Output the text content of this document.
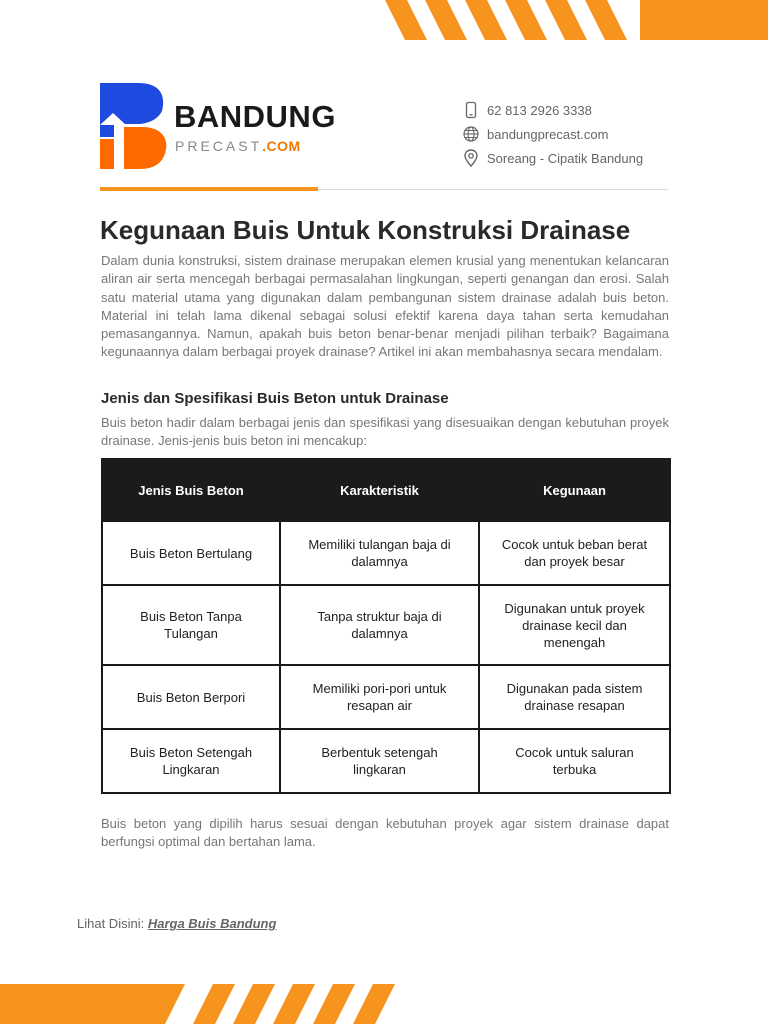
BANDUNG
PRECAST.COM
62 813 2926 3338
bandungprecast.com
Soreang - Cipatik Bandung
Kegunaan Buis Untuk Konstruksi Drainase

Dalam dunia konstruksi, sistem drainase merupakan elemen krusial yang menentukan kelancaran aliran air serta mencegah berbagai permasalahan lingkungan, seperti genangan dan erosi. Salah satu material utama yang digunakan dalam pembangunan sistem drainase adalah buis beton. Material ini telah lama dikenal sebagai solusi efektif karena daya tahan serta kemudahan pemasangannya. Namun, apakah buis beton benar-benar menjadi pilihan terbaik? Bagaimana kegunaannya dalam berbagai proyek drainase? Artikel ini akan membahasnya secara mendalam.

Jenis dan Spesifikasi Buis Beton untuk Drainase

Buis beton hadir dalam berbagai jenis dan spesifikasi yang disesuaikan dengan kebutuhan proyek drainase. Jenis-jenis buis beton ini mencakup:

Jenis Buis Beton	Karakteristik	Kegunaan
Buis Beton Bertulang	Memiliki tulangan baja di dalamnya	Cocok untuk beban berat dan proyek besar
Buis Beton Tanpa Tulangan	Tanpa struktur baja di dalamnya	Digunakan untuk proyek drainase kecil dan menengah
Buis Beton Berpori	Memiliki pori-pori untuk resapan air	Digunakan pada sistem drainase resapan
Buis Beton Setengah Lingkaran	Berbentuk setengah lingkaran	Cocok untuk saluran terbuka

Buis beton yang dipilih harus sesuai dengan kebutuhan proyek agar sistem drainase dapat berfungsi optimal dan bertahan lama.

Lihat Disini: Harga Buis Bandung
